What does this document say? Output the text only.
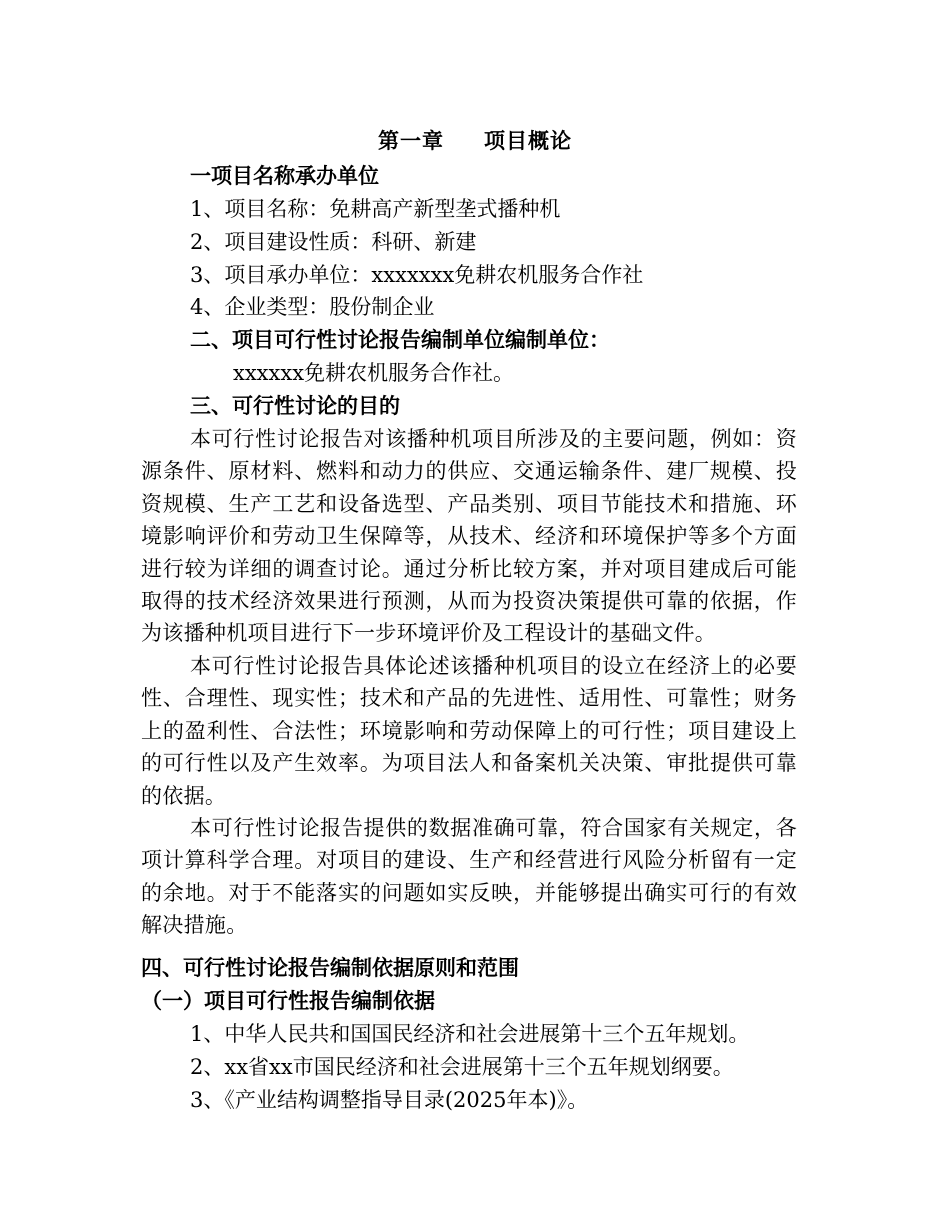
第一章 项目概论
一项目名称承办单位
1、项目名称：免耕高产新型垄式播种机
2、项目建设性质：科研、新建
3、项目承办单位：xxxxxxx免耕农机服务合作社
4、企业类型：股份制企业
二、项目可行性讨论报告编制单位编制单位：
xxxxxx免耕农机服务合作社。
三、可行性讨论的目的
本可行性讨论报告对该播种机项目所涉及的主要问题，例如：资源条件、原材料、燃料和动力的供应、交通运输条件、建厂规模、投资规模、生产工艺和设备选型、产品类别、项目节能技术和措施、环境影响评价和劳动卫生保障等，从技术、经济和环境保护等多个方面进行较为详细的调查讨论。通过分析比较方案，并对项目建成后可能取得的技术经济效果进行预测，从而为投资决策提供可靠的依据，作为该播种机项目进行下一步环境评价及工程设计的基础文件。
本可行性讨论报告具体论述该播种机项目的设立在经济上的必要性、合理性、现实性；技术和产品的先进性、适用性、可靠性；财务上的盈利性、合法性；环境影响和劳动保障上的可行性；项目建设上的可行性以及产生效率。为项目法人和备案机关决策、审批提供可靠的依据。
本可行性讨论报告提供的数据准确可靠，符合国家有关规定，各项计算科学合理。对项目的建设、生产和经营进行风险分析留有一定的余地。对于不能落实的问题如实反映，并能够提出确实可行的有效解决措施。
四、可行性讨论报告编制依据原则和范围
（一）项目可行性报告编制依据
1、中华人民共和国国民经济和社会进展第十三个五年规划。
2、xx省xx市国民经济和社会进展第十三个五年规划纲要。
3、《产业结构调整指导目录(2025年本)》。
